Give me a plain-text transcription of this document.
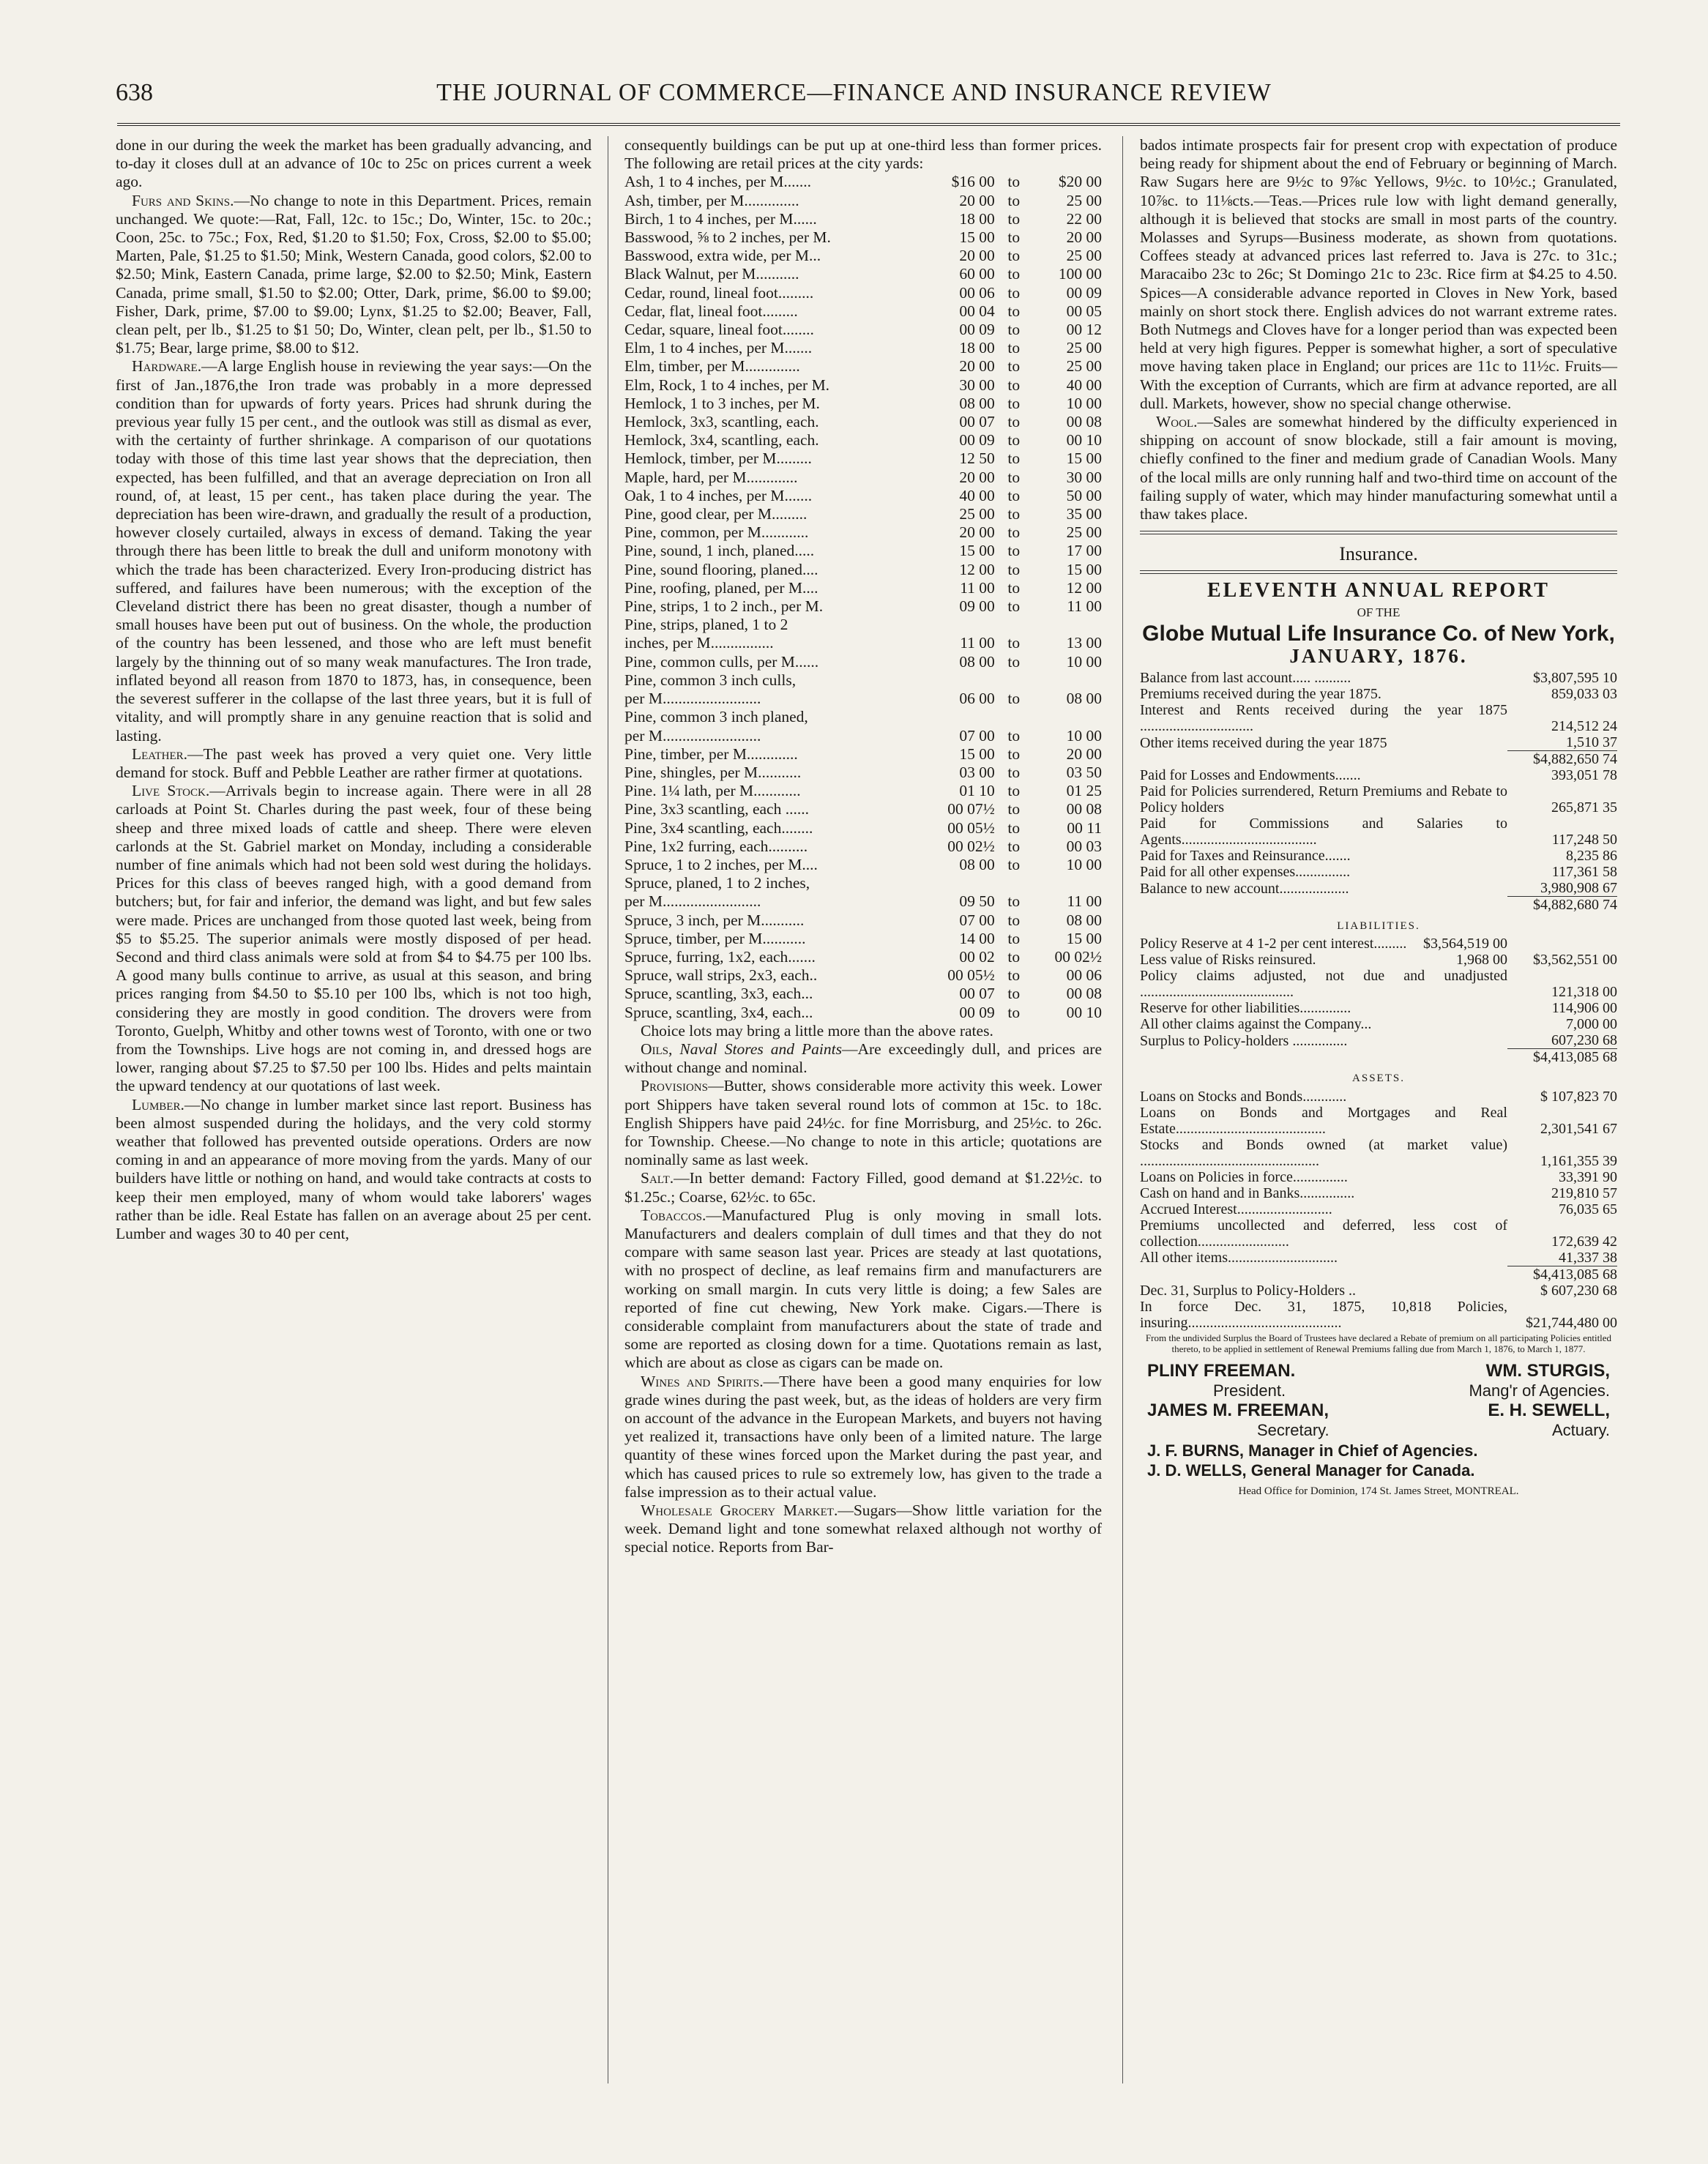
638	THE JOURNAL OF COMMERCE—FINANCE AND INSURANCE REVIEW

done in our during the week the market has been gradually advancing, and to-day it closes dull at an advance of 10c to 25c on prices current a week ago.

Furs and Skins.—No change to note in this Department. Prices, remain unchanged. We quote:—Rat, Fall, 12c. to 15c.; Do, Winter, 15c. to 20c.; Coon, 25c. to 75c.; Fox, Red, $1.20 to $1.50; Fox, Cross, $2.00 to $5.00; Marten, Pale, $1.25 to $1.50; Mink, Western Canada, good colors, $2.00 to $2.50; Mink, Eastern Canada, prime large, $2.00 to $2.50; Mink, Eastern Canada, prime small, $1.50 to $2.00; Otter, Dark, prime, $6.00 to $9.00; Fisher, Dark, prime, $7.00 to $9.00; Lynx, $1.25 to $2.00; Beaver, Fall, clean pelt, per lb., $1.25 to $1 50; Do, Winter, clean pelt, per lb., $1.50 to $1.75; Bear, large prime, $8.00 to $12.

Hardware.—A large English house in reviewing the year says:—On the first of Jan.,1876,the Iron trade was probably in a more depressed condition than for upwards of forty years. Prices had shrunk during the previous year fully 15 per cent., and the outlook was still as dismal as ever, with the certainty of further shrinkage. A comparison of our quotations today with those of this time last year shows that the depreciation, then expected, has been fulfilled, and that an average depreciation on Iron all round, of, at least, 15 per cent., has taken place during the year. The depreciation has been wire-drawn, and gradually the result of a production, however closely curtailed, always in excess of demand. Taking the year through there has been little to break the dull and uniform monotony with which the trade has been characterized. Every Iron-producing district has suffered, and failures have been numerous; with the exception of the Cleveland district there has been no great disaster, though a number of small houses have been put out of business. On the whole, the production of the country has been lessened, and those who are left must benefit largely by the thinning out of so many weak manufactures. The Iron trade, inflated beyond all reason from 1870 to 1873, has, in consequence, been the severest sufferer in the collapse of the last three years, but it is full of vitality, and will promptly share in any genuine reaction that is solid and lasting.

Leather.—The past week has proved a very quiet one. Very little demand for stock. Buff and Pebble Leather are rather firmer at quotations.

Live Stock.—Arrivals begin to increase again. There were in all 28 carloads at Point St. Charles during the past week, four of these being sheep and three mixed loads of cattle and sheep. There were eleven carlonds at the St. Gabriel market on Monday, including a considerable number of fine animals which had not been sold west during the holidays. Prices for this class of beeves ranged high, with a good demand from butchers; but, for fair and inferior, the demand was light, and but few sales were made. Prices are unchanged from those quoted last week, being from $5 to $5.25. The superior animals were mostly disposed of per head. Second and third class animals were sold at from $4 to $4.75 per 100 lbs. A good many bulls continue to arrive, as usual at this season, and bring prices ranging from $4.50 to $5.10 per 100 lbs, which is not too high, considering they are mostly in good condition. The drovers were from Toronto, Guelph, Whitby and other towns west of Toronto, with one or two from the Townships. Live hogs are not coming in, and dressed hogs are lower, ranging about $7.25 to $7.50 per 100 lbs. Hides and pelts maintain the upward tendency at our quotations of last week.

Lumber.—No change in lumber market since last report. Business has been almost suspended during the holidays, and the very cold stormy weather that followed has prevented outside operations. Orders are now coming in and an appearance of more moving from the yards. Many of our builders have little or nothing on hand, and would take contracts at costs to keep their men employed, many of whom would take laborers' wages rather than be idle. Real Estate has fallen on an average about 25 per cent. Lumber and wages 30 to 40 per cent,

consequently buildings can be put up at one-third less than former prices. The following are retail prices at the city yards:

Ash, 1 to 4 inches, per M.......	$16 00	to	$20 00
Ash, timber, per M..............	20 00	to	25 00
Birch, 1 to 4 inches, per M......	18 00	to	22 00
Basswood, ⅝ to 2 inches, per M.	15 00	to	20 00
Basswood, extra wide, per M...	20 00	to	25 00
Black Walnut, per M...........	60 00	to	100 00
Cedar, round, lineal foot.........	00 06	to	00 09
Cedar, flat, lineal foot.........	00 04	to	00 05
Cedar, square, lineal foot........	00 09	to	00 12
Elm, 1 to 4 inches, per M.......	18 00	to	25 00
Elm, timber, per M..............	20 00	to	25 00
Elm, Rock, 1 to 4 inches, per M.	30 00	to	40 00
Hemlock, 1 to 3 inches, per M.	08 00	to	10 00
Hemlock, 3x3, scantling, each.	00 07	to	00 08
Hemlock, 3x4, scantling, each.	00 09	to	00 10
Hemlock, timber, per M.........	12 50	to	15 00
Maple, hard, per M.............	20 00	to	30 00
Oak, 1 to 4 inches, per M.......	40 00	to	50 00
Pine, good clear, per M.........	25 00	to	35 00
Pine, common, per M............	20 00	to	25 00
Pine, sound, 1 inch, planed.....	15 00	to	17 00
Pine, sound flooring, planed....	12 00	to	15 00
Pine, roofing, planed, per M....	11 00	to	12 00
Pine, strips, 1 to 2 inch., per M.	09 00	to	11 00
Pine, strips, planed, 1 to 2			
inches, per M................	11 00	to	13 00
Pine, common culls, per M......	08 00	to	10 00
Pine, common 3 inch culls,			
per M.........................	06 00	to	08 00
Pine, common 3 inch planed,			
per M.........................	07 00	to	10 00
Pine, timber, per M.............	15 00	to	20 00
Pine, shingles, per M...........	03 00	to	03 50
Pine. 1¼ lath, per M............	01 10	to	01 25
Pine, 3x3 scantling, each ......	00 07½	to	00 08
Pine, 3x4 scantling, each........	00 05½	to	00 11
Pine, 1x2 furring, each..........	00 02½	to	00 03
Spruce, 1 to 2 inches, per M....	08 00	to	10 00
Spruce, planed, 1 to 2 inches,			
per M.........................	09 50	to	11 00
Spruce, 3 inch, per M...........	07 00	to	08 00
Spruce, timber, per M...........	14 00	to	15 00
Spruce, furring, 1x2, each.......	00 02	to	00 02½
Spruce, wall strips, 2x3, each..	00 05½	to	00 06
Spruce, scantling, 3x3, each...	00 07	to	00 08
Spruce, scantling, 3x4, each...	00 09	to	00 10

Choice lots may bring a little more than the above rates.

Oils, Naval Stores and Paints—Are exceedingly dull, and prices are without change and nominal.

Provisions—Butter, shows considerable more activity this week. Lower port Shippers have taken several round lots of common at 15c. to 18c. English Shippers have paid 24½c. for fine Morrisburg, and 25½c. to 26c. for Township. Cheese.—No change to note in this article; quotations are nominally same as last week.

Salt.—In better demand: Factory Filled, good demand at $1.22½c. to $1.25c.; Coarse, 62½c. to 65c.

Tobaccos.—Manufactured Plug is only moving in small lots. Manufacturers and dealers complain of dull times and that they do not compare with same season last year. Prices are steady at last quotations, with no prospect of decline, as leaf remains firm and manufacturers are working on small margin. In cuts very little is doing; a few Sales are reported of fine cut chewing, New York make. Cigars.—There is considerable complaint from manufacturers about the state of trade and some are reported as closing down for a time. Quotations remain as last, which are about as close as cigars can be made on.

Wines and Spirits.—There have been a good many enquiries for low grade wines during the past week, but, as the ideas of holders are very firm on account of the advance in the European Markets, and buyers not having yet realized it, transactions have only been of a limited nature. The large quantity of these wines forced upon the Market during the past year, and which has caused prices to rule so extremely low, has given to the trade a false impression as to their actual value.

Wholesale Grocery Market.—Sugars—Show little variation for the week. Demand light and tone somewhat relaxed although not worthy of special notice. Reports from Bar-

bados intimate prospects fair for present crop with expectation of produce being ready for shipment about the end of February or beginning of March. Raw Sugars here are 9½c to 9⅞c Yellows, 9½c. to 10½c.; Granulated, 10⅞c. to 11⅛cts.—Teas.—Prices rule low with light demand generally, although it is believed that stocks are small in most parts of the country. Molasses and Syrups—Business moderate, as shown from quotations. Coffees steady at advanced prices last referred to. Java is 27c. to 31c.; Maracaibo 23c to 26c; St Domingo 21c to 23c. Rice firm at $4.25 to 4.50. Spices—A considerable advance reported in Cloves in New York, based mainly on short stock there. English advices do not warrant extreme rates. Both Nutmegs and Cloves have for a longer period than was expected been held at very high figures. Pepper is somewhat higher, a sort of speculative move having taken place in England; our prices are 11c to 11½c. Fruits—With the exception of Currants, which are firm at advance reported, are all dull. Markets, however, show no special change otherwise.

Wool.—Sales are somewhat hindered by the difficulty experienced in shipping on account of snow blockade, still a fair amount is moving, chiefly confined to the finer and medium grade of Canadian Wools. Many of the local mills are only running half and two-third time on account of the failing supply of water, which may hinder manufacturing somewhat until a thaw takes place.

Insurance.
ELEVENTH ANNUAL REPORT
OF THE
Globe Mutual Life Insurance Co. of New York,
JANUARY, 1876.
Balance from last account..... ..........	$3,807,595 10
Premiums received during the year 1875.	859,033 03
Interest and Rents received during the year 1875 ...............................	214,512 24
Other items received during the year 1875	1,510 37
	$4,882,650 74
Paid for Losses and Endowments.......	393,051 78
Paid for Policies surrendered, Return Premiums and Rebate to Policy holders	265,871 35
Paid for Commissions and Salaries to Agents.....................................	117,248 50
Paid for Taxes and Reinsurance.......	8,235 86
Paid for all other expenses...............	117,361 58
Balance to new account...................	3,980,908 67
	$4,882,680 74
LIABILITIES.
Policy Reserve at 4 1-2 per cent interest.........	$3,564,519 00	
Less value of Risks reinsured.	1,968 00	$3,562,551 00
Policy claims adjusted, not due and unadjusted ..........................................	121,318 00
Reserve for other liabilities..............	114,906 00
All other claims against the Company...	7,000 00
Surplus to Policy-holders ...............	607,230 68
	$4,413,085 68
ASSETS.
Loans on Stocks and Bonds............	$ 107,823 70
Loans on Bonds and Mortgages and Real Estate.........................................	2,301,541 67
Stocks and Bonds owned (at market value) .................................................	1,161,355 39
Loans on Policies in force...............	33,391 90
Cash on hand and in Banks...............	219,810 57
Accrued Interest..........................	76,035 65
Premiums uncollected and deferred, less cost of collection.........................	172,639 42
All other items..............................	41,337 38
	$4,413,085 68
Dec. 31, Surplus to Policy-Holders ..	$ 607,230 68
In force Dec. 31, 1875, 10,818 Policies, insuring..........................................	$21,744,480 00
From the undivided Surplus the Board of Trustees have declared a Rebate of premium on all participating Policies entitled thereto, to be applied in settlement of Renewal Premiums falling due from March 1, 1876, to March 1, 1877.
PLINY FREEMAN.	WM. STURGIS,
President.	Mang'r of Agencies.
JAMES M. FREEMAN,	E. H. SEWELL,
Secretary.	Actuary.
J. F. BURNS, Manager in Chief of Agencies.
J. D. WELLS, General Manager for Canada.
Head Office for Dominion, 174 St. James Street, MONTREAL.
